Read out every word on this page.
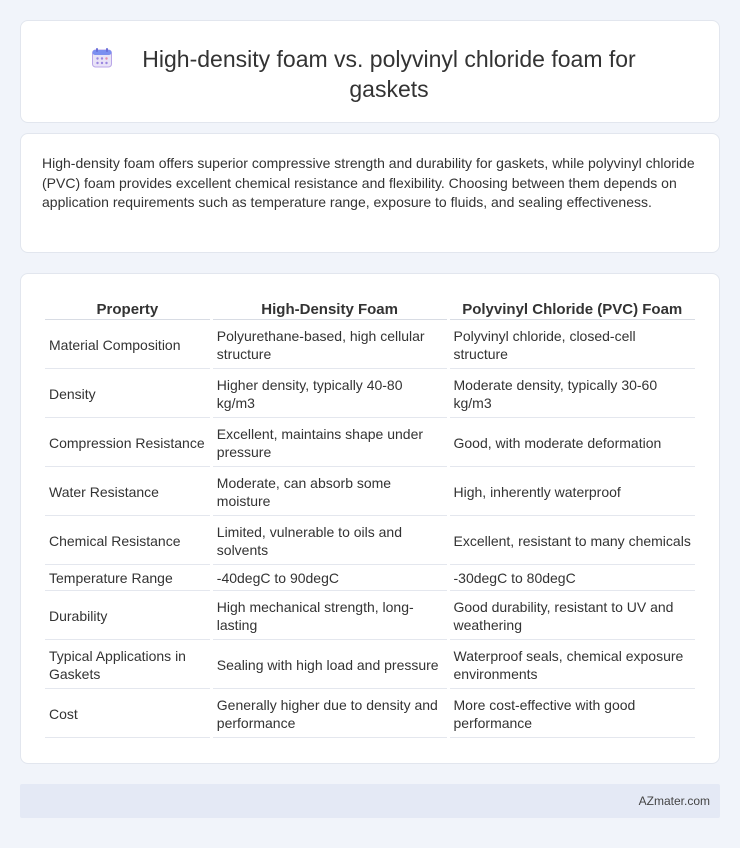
High-density foam vs. polyvinyl chloride foam for gaskets

High-density foam offers superior compressive strength and durability for gaskets, while polyvinyl chloride (PVC) foam provides excellent chemical resistance and flexibility. Choosing between them depends on application requirements such as temperature range, exposure to fluids, and sealing effectiveness.

Property	High-Density Foam	Polyvinyl Chloride (PVC) Foam
Material Composition	Polyurethane-based, high cellular structure	Polyvinyl chloride, closed-cell structure
Density	Higher density, typically 40-80 kg/m3	Moderate density, typically 30-60 kg/m3
Compression Resistance	Excellent, maintains shape under pressure	Good, with moderate deformation
Water Resistance	Moderate, can absorb some moisture	High, inherently waterproof
Chemical Resistance	Limited, vulnerable to oils and solvents	Excellent, resistant to many chemicals
Temperature Range	-40degC to 90degC	-30degC to 80degC
Durability	High mechanical strength, long-lasting	Good durability, resistant to UV and weathering
Typical Applications in Gaskets	Sealing with high load and pressure	Waterproof seals, chemical exposure environments
Cost	Generally higher due to density and performance	More cost-effective with good performance
AZmater.com
